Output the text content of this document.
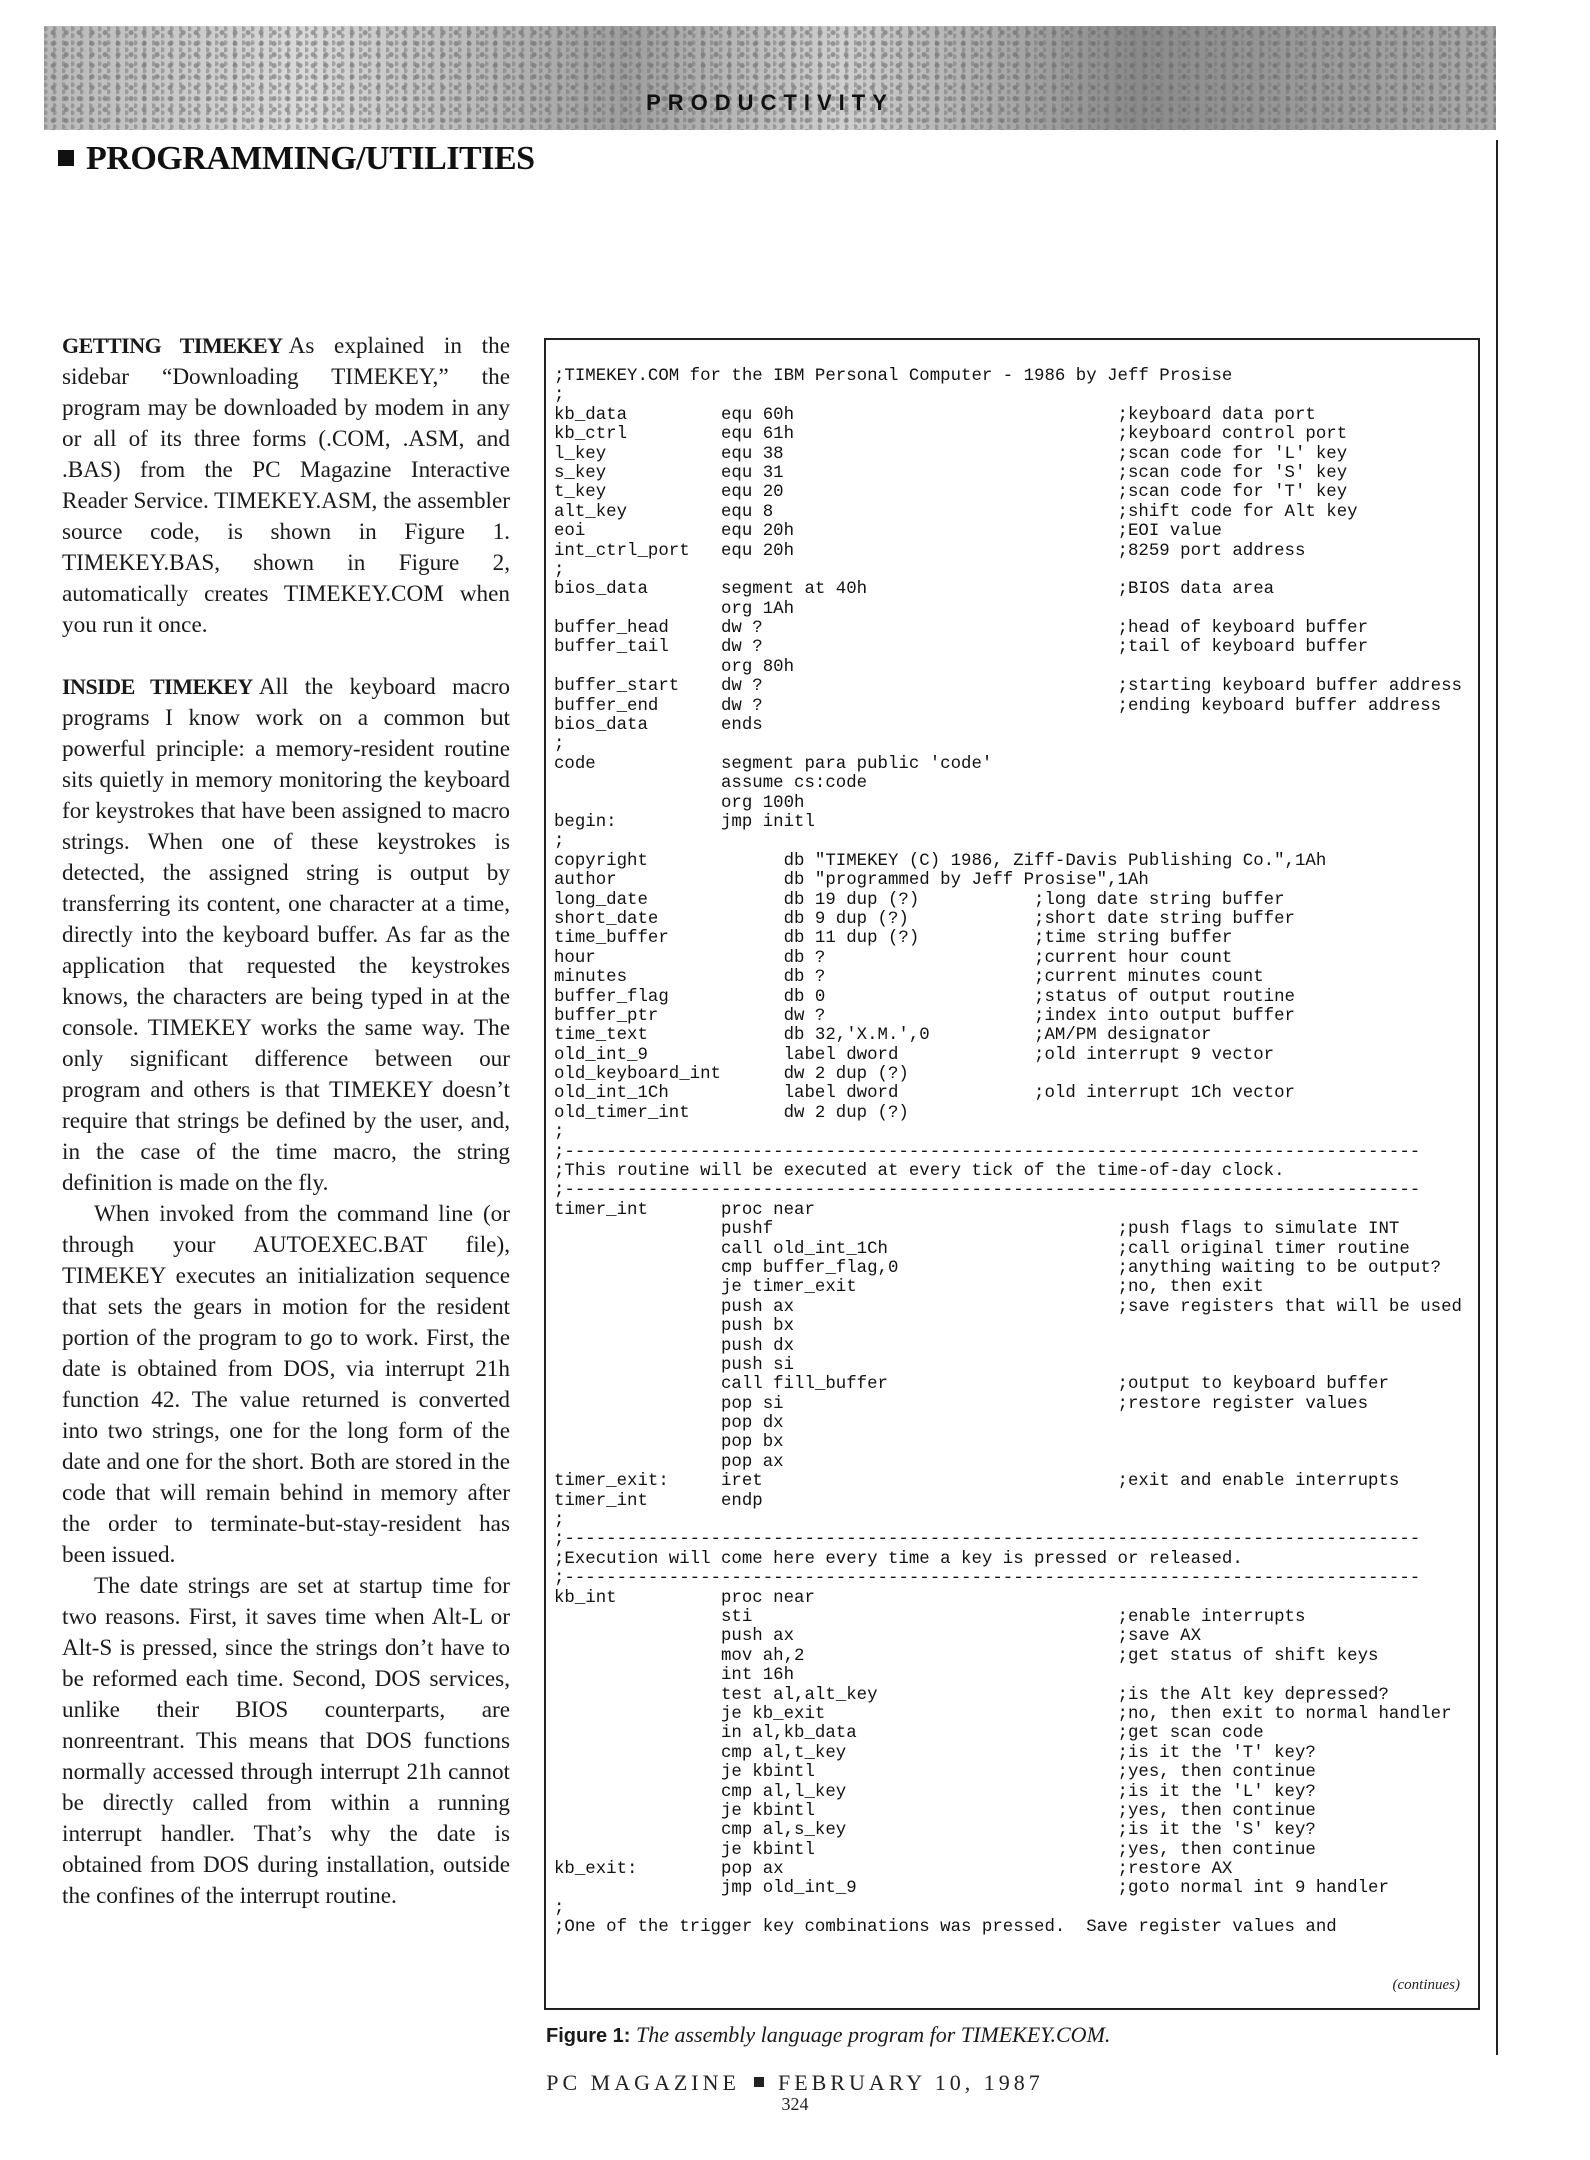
PRODUCTIVITY
PROGRAMMING/UTILITIES

GETTING TIMEKEY As explained in the sidebar “Downloading TIMEKEY,” the program may be downloaded by modem in any or all of its three forms (.COM, .ASM, and .BAS) from the PC Magazine Interactive Reader Service. TIMEKEY.ASM, the assembler source code, is shown in Figure 1. TIMEKEY.BAS, shown in Figure 2, automatically creates TIMEKEY.COM when you run it once.

INSIDE TIMEKEY All the keyboard macro programs I know work on a common but powerful principle: a memory-resident routine sits quietly in memory monitoring the keyboard for keystrokes that have been assigned to macro strings. When one of these keystrokes is detected, the assigned string is output by transferring its content, one character at a time, directly into the keyboard buffer. As far as the application that requested the keystrokes knows, the characters are being typed in at the console. TIMEKEY works the same way. The only significant difference between our program and others is that TIMEKEY doesn’t require that strings be defined by the user, and, in the case of the time macro, the string definition is made on the fly.

When invoked from the command line (or through your AUTOEXEC.BAT file), TIMEKEY executes an initialization sequence that sets the gears in motion for the resident portion of the program to go to work. First, the date is obtained from DOS, via interrupt 21h function 42. The value returned is converted into two strings, one for the long form of the date and one for the short. Both are stored in the code that will remain behind in memory after the order to terminate-but-stay-resident has been issued.

The date strings are set at startup time for two reasons. First, it saves time when Alt-L or Alt-S is pressed, since the strings don’t have to be reformed each time. Second, DOS services, unlike their BIOS counterparts, are nonreentrant. This means that DOS functions normally accessed through interrupt 21h cannot be directly called from within a running interrupt handler. That’s why the date is obtained from DOS during installation, outside the confines of the interrupt routine.

;TIMEKEY.COM for the IBM Personal Computer - 1986 by Jeff Prosise
;
kb_data         equ 60h                               ;keyboard data port
kb_ctrl         equ 61h                               ;keyboard control port
l_key           equ 38                                ;scan code for 'L' key
s_key           equ 31                                ;scan code for 'S' key
t_key           equ 20                                ;scan code for 'T' key
alt_key         equ 8                                 ;shift code for Alt key
eoi             equ 20h                               ;EOI value
int_ctrl_port   equ 20h                               ;8259 port address
;
bios_data       segment at 40h                        ;BIOS data area
org 1Ah
buffer_head     dw ?                                  ;head of keyboard buffer
buffer_tail     dw ?                                  ;tail of keyboard buffer
org 80h
buffer_start    dw ?                                  ;starting keyboard buffer address
buffer_end      dw ?                                  ;ending keyboard buffer address
bios_data       ends
;
code            segment para public 'code'
assume cs:code
org 100h
begin:          jmp initl
;
copyright             db "TIMEKEY (C) 1986, Ziff-Davis Publishing Co.",1Ah
author                db "programmed by Jeff Prosise",1Ah
long_date             db 19 dup (?)           ;long date string buffer
short_date            db 9 dup (?)            ;short date string buffer
time_buffer           db 11 dup (?)           ;time string buffer
hour                  db ?                    ;current hour count
minutes               db ?                    ;current minutes count
buffer_flag           db 0                    ;status of output routine
buffer_ptr            dw ?                    ;index into output buffer
time_text             db 32,'X.M.',0          ;AM/PM designator
old_int_9             label dword             ;old interrupt 9 vector
old_keyboard_int      dw 2 dup (?)
old_int_1Ch           label dword             ;old interrupt 1Ch vector
old_timer_int         dw 2 dup (?)
;
;----------------------------------------------------------------------------------
;This routine will be executed at every tick of the time-of-day clock.
;----------------------------------------------------------------------------------
timer_int       proc near
pushf                                 ;push flags to simulate INT
call old_int_1Ch                      ;call original timer routine
cmp buffer_flag,0                     ;anything waiting to be output?
je timer_exit                         ;no, then exit
push ax                               ;save registers that will be used
push bx
push dx
push si
call fill_buffer                      ;output to keyboard buffer
pop si                                ;restore register values
pop dx
pop bx
pop ax
timer_exit:     iret                                  ;exit and enable interrupts
timer_int       endp
;
;----------------------------------------------------------------------------------
;Execution will come here every time a key is pressed or released.
;----------------------------------------------------------------------------------
kb_int          proc near
sti                                   ;enable interrupts
push ax                               ;save AX
mov ah,2                              ;get status of shift keys
int 16h
test al,alt_key                       ;is the Alt key depressed?
je kb_exit                            ;no, then exit to normal handler
in al,kb_data                         ;get scan code
cmp al,t_key                          ;is it the 'T' key?
je kbintl                             ;yes, then continue
cmp al,l_key                          ;is it the 'L' key?
je kbintl                             ;yes, then continue
cmp al,s_key                          ;is it the 'S' key?
je kbintl                             ;yes, then continue
kb_exit:        pop ax                                ;restore AX
jmp old_int_9                         ;goto normal int 9 handler
;
;One of the trigger key combinations was pressed.  Save register values and
(continues)
Figure 1: The assembly language program for TIMEKEY.COM.
PC MAGAZINE FEBRUARY 10, 1987
324
